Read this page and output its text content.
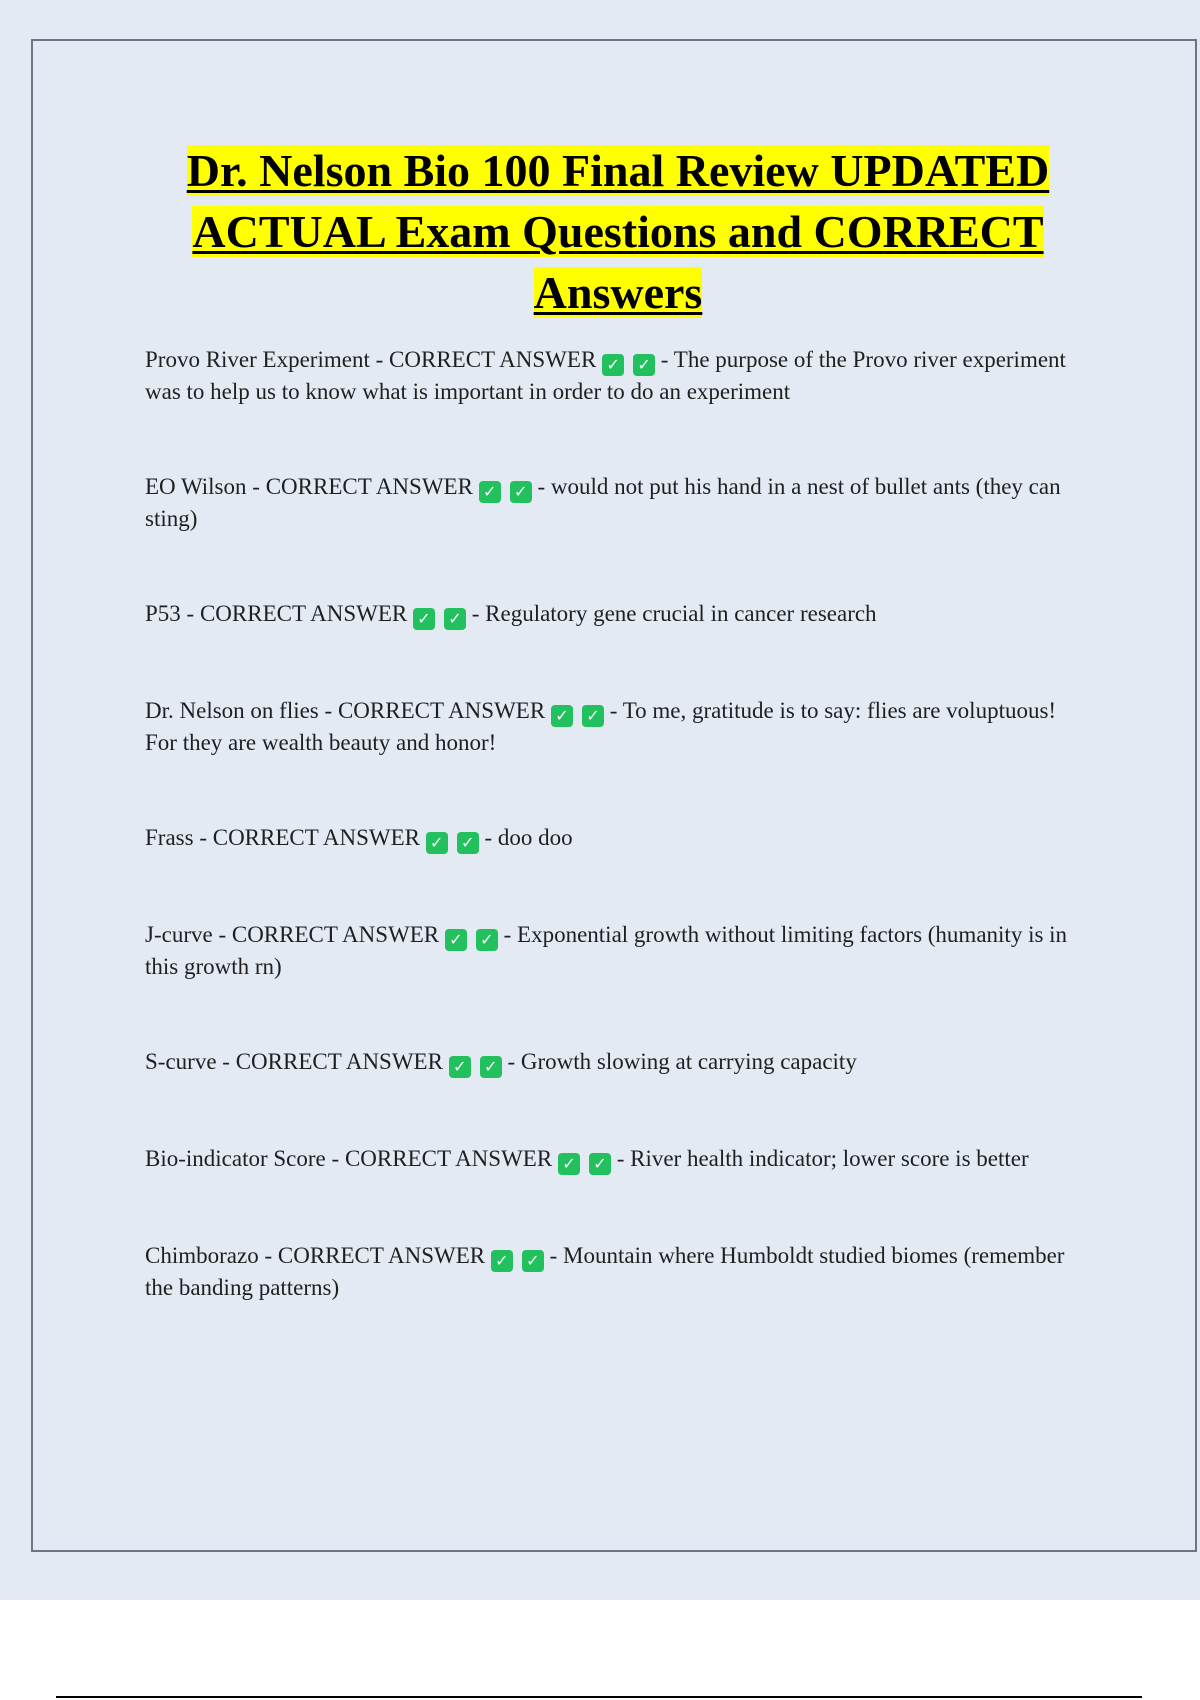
Dr. Nelson Bio 100 Final Review UPDATED ACTUAL Exam Questions and CORRECT Answers
Provo River Experiment - CORRECT ANSWER ✓ ✓ - The purpose of the Provo river experiment was to help us to know what is important in order to do an experiment
EO Wilson - CORRECT ANSWER ✓ ✓ - would not put his hand in a nest of bullet ants (they can sting)
P53 - CORRECT ANSWER ✓ ✓ - Regulatory gene crucial in cancer research
Dr. Nelson on flies - CORRECT ANSWER ✓ ✓ - To me, gratitude is to say: flies are voluptuous! For they are wealth beauty and honor!
Frass - CORRECT ANSWER ✓ ✓ - doo doo
J-curve - CORRECT ANSWER ✓ ✓ - Exponential growth without limiting factors (humanity is in this growth rn)
S-curve - CORRECT ANSWER ✓ ✓ - Growth slowing at carrying capacity
Bio-indicator Score - CORRECT ANSWER ✓ ✓ - River health indicator; lower score is better
Chimborazo - CORRECT ANSWER ✓ ✓ - Mountain where Humboldt studied biomes (remember the banding patterns)
